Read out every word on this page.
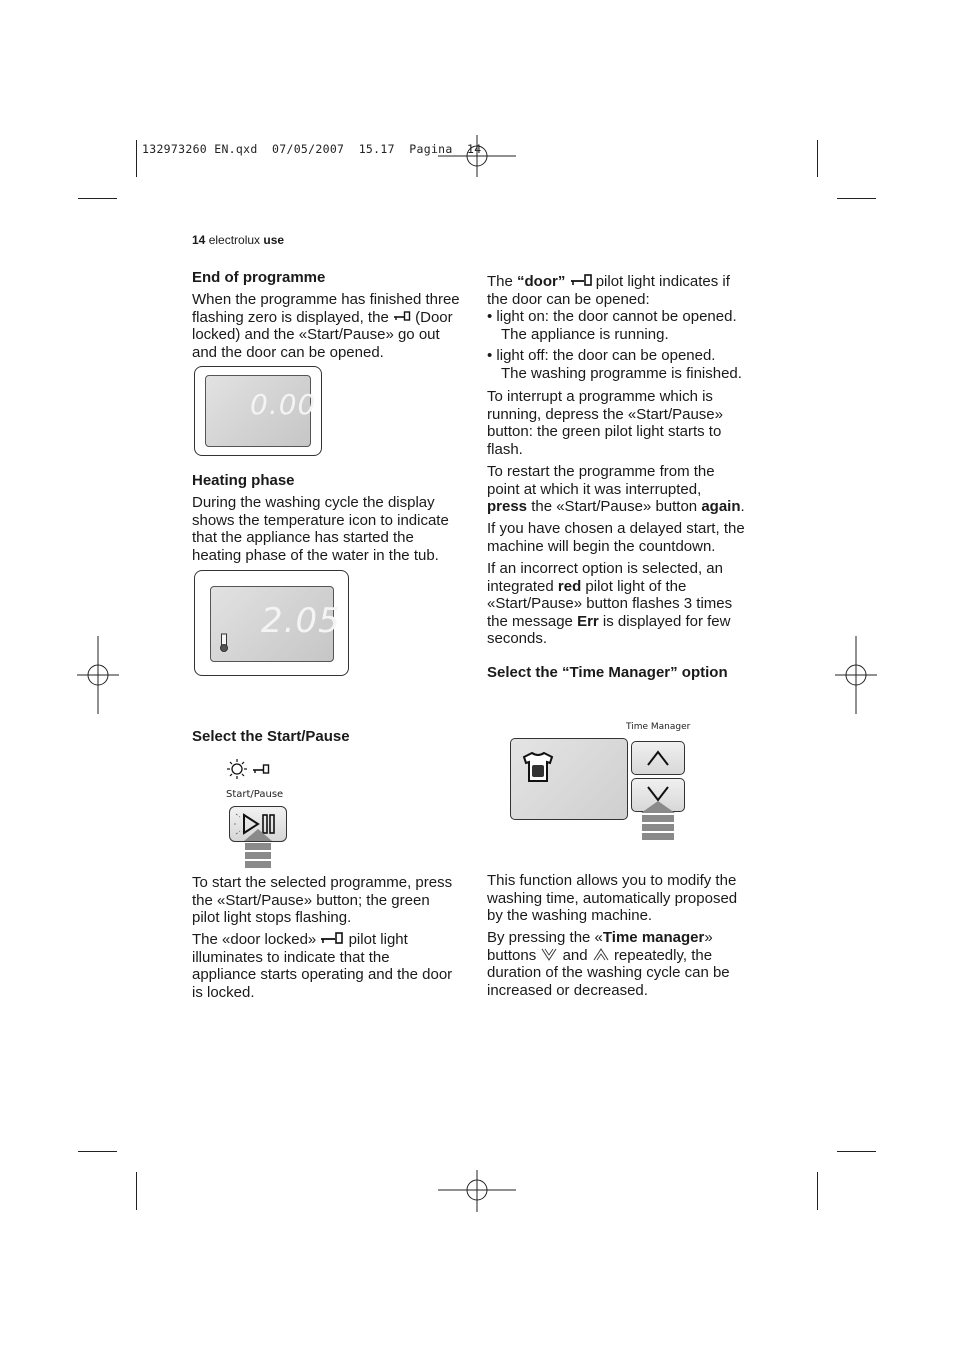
132973260 EN.qxd  07/05/2007  15.17  Pagina  14
14 electrolux use
End of programme
When the programme has finished three
flashing zero is displayed, the (Door
locked) and the «Start/Pause» go out
and the door can be opened.
0.00
Heating phase
During the washing cycle the display
shows the temperature icon to indicate
that the appliance has started the
heating phase of the water in the tub.
2.05
Select the Start/Pause
Start/Pause
To start the selected programme, press
the «Start/Pause» button; the green
pilot light stops flashing.
The «door locked» pilot light
illuminates to indicate that the
appliance starts operating and the door
is locked.
The “door” pilot light indicates if
the door can be opened:
• light on: the door cannot be opened.
The appliance is running.
• light off: the door can be opened.
The washing programme is finished.
To interrupt a programme which is
running, depress the «Start/Pause»
button: the green pilot light starts to
flash.
To restart the programme from the
point at which it was interrupted,
press the «Start/Pause» button again.
If you have chosen a delayed start, the
machine will begin the countdown.
If an incorrect option is selected, an
integrated red pilot light of the
«Start/Pause» button flashes 3 times
the message Err is displayed for few
seconds.
Select the “Time Manager” option
Time Manager
This function allows you to modify the
washing time, automatically proposed
by the washing machine.
By pressing the «Time manager»
buttons and repeatedly, the
duration of the washing cycle can be
increased or decreased.
